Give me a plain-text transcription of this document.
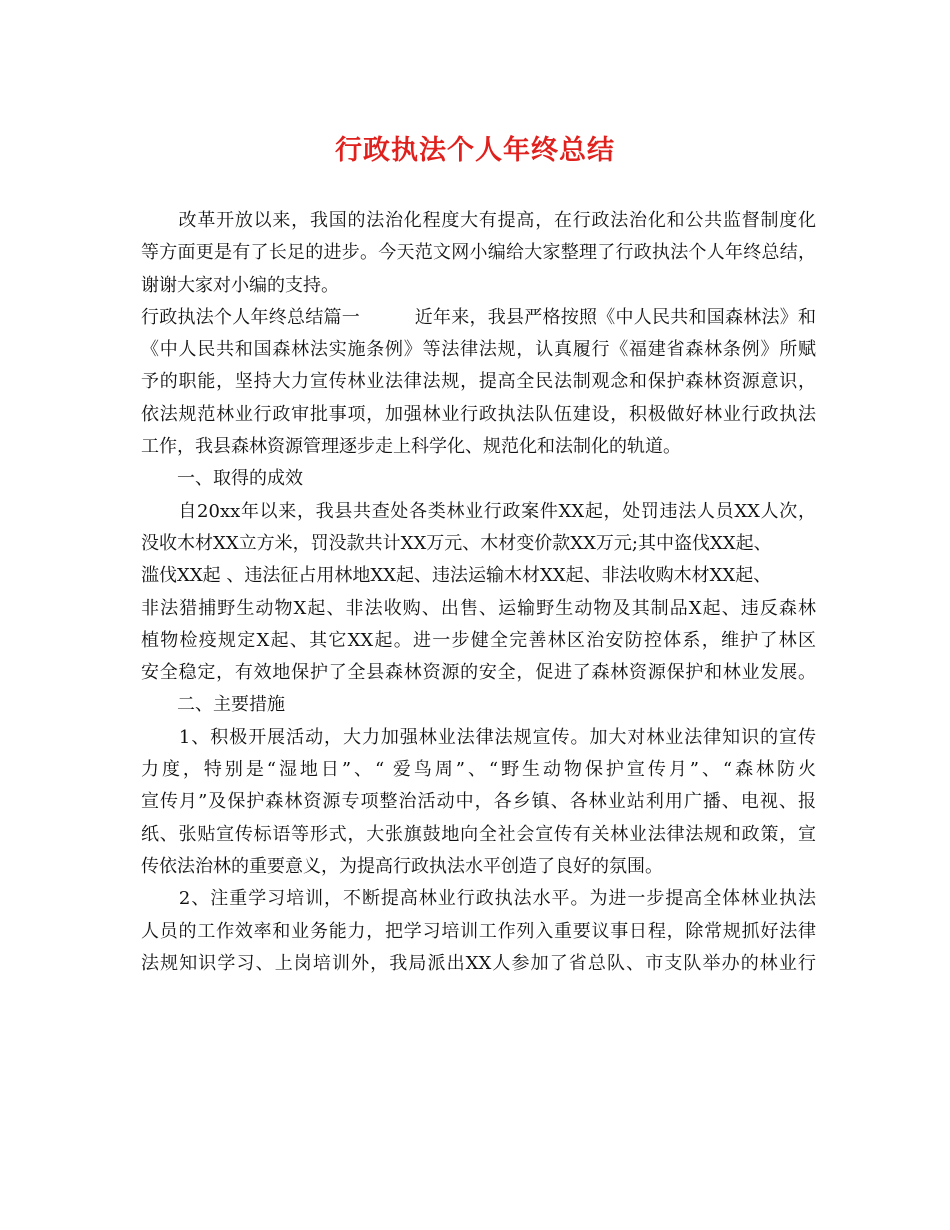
行政执法个人年终总结
　　改革开放以来，我国的法治化程度大有提高，在行政法治化和公共监督制度化
等方面更是有了长足的进步。今天范文网小编给大家整理了行政执法个人年终总结，
谢谢大家对小编的支持。
行政执法个人年终总结篇一　　　近年来，我县严格按照《中人民共和国森林法》和
《中人民共和国森林法实施条例》等法律法规，认真履行《福建省森林条例》所赋
予的职能，坚持大力宣传林业法律法规，提高全民法制观念和保护森林资源意识，
依法规范林业行政审批事项，加强林业行政执法队伍建设，积极做好林业行政执法
工作，我县森林资源管理逐步走上科学化、规范化和法制化的轨道。
　　一、取得的成效
　　自20xx年以来，我县共查处各类林业行政案件XX起，处罚违法人员XX人次，
没收木材XX立方米，罚没款共计XX万元、木材变价款XX万元;其中盗伐XX起、
滥伐XX起 、违法征占用林地XX起、违法运输木材XX起、非法收购木材XX起、
非法猎捕野生动物X起、非法收购、出售、运输野生动物及其制品X起、违反森林
植物检疫规定X起、其它XX起。进一步健全完善林区治安防控体系，维护了林区
安全稳定，有效地保护了全县森林资源的安全，促进了森林资源保护和林业发展。
　　二、主要措施
　　1、积极开展活动，大力加强林业法律法规宣传。加大对林业法律知识的宣传
力度，特别是“湿地日”、“ 爱鸟周”、“野生动物保护宣传月”、“森林防火
宣传月”及保护森林资源专项整治活动中，各乡镇、各林业站利用广播、电视、报
纸、张贴宣传标语等形式，大张旗鼓地向全社会宣传有关林业法律法规和政策，宣
传依法治林的重要意义，为提高行政执法水平创造了良好的氛围。
　　2、注重学习培训，不断提高林业行政执法水平。为进一步提高全体林业执法
人员的工作效率和业务能力，把学习培训工作列入重要议事日程，除常规抓好法律
法规知识学习、上岗培训外，我局派出XX人参加了省总队、市支队举办的林业行
